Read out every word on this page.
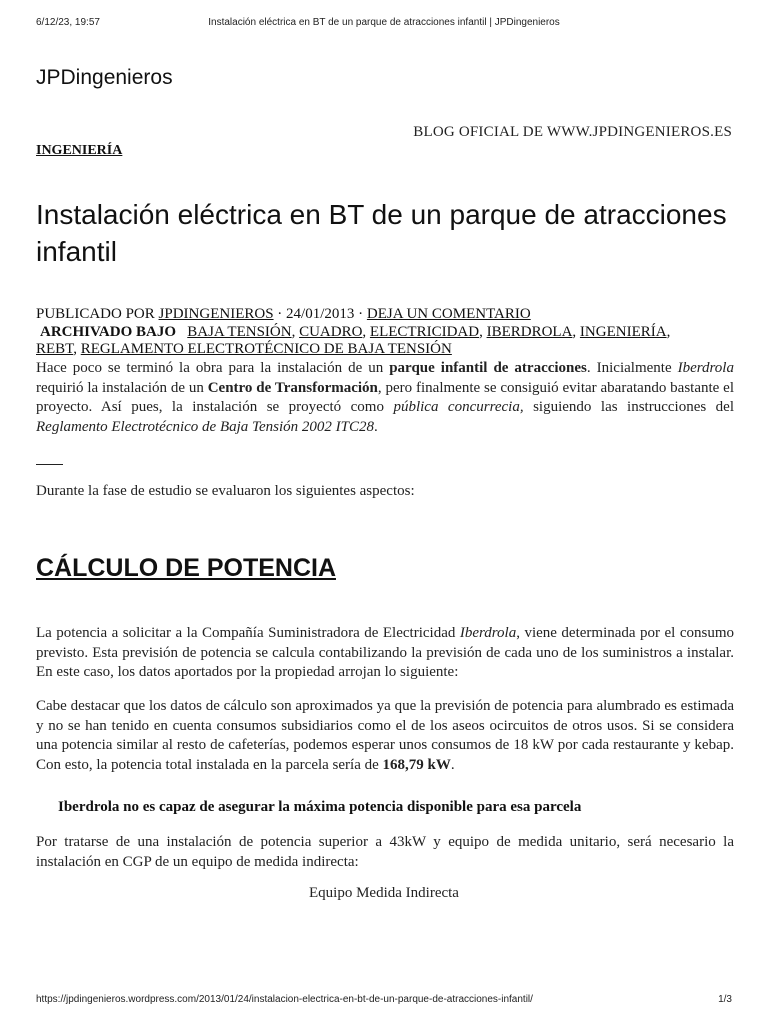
6/12/23, 19:57	Instalación eléctrica en BT de un parque de atracciones infantil | JPDingenieros
JPDingenieros
BLOG OFICIAL DE WWW.JPDINGENIEROS.ES
INGENIERÍA
Instalación eléctrica en BT de un parque de atracciones infantil
PUBLICADO POR JPDINGENIEROS · 24/01/2013 · DEJA UN COMENTARIO
ARCHIVADO BAJO BAJA TENSIÓN, CUADRO, ELECTRICIDAD, IBERDROLA, INGENIERÍA,
REBT, REGLAMENTO ELECTROTÉCNICO DE BAJA TENSIÓN

Hace poco se terminó la obra para la instalación de un parque infantil de atracciones. Inicialmente Iberdrola requirió la instalación de un Centro de Transformación, pero finalmente se consiguió evitar abaratando bastante el proyecto. Así pues, la instalación se proyectó como pública concurrecia, siguiendo las instrucciones del Reglamento Electrotécnico de Baja Tensión 2002 ITC28.

Durante la fase de estudio se evaluaron los siguientes aspectos:

CÁLCULO DE POTENCIA

La potencia a solicitar a la Compañía Suministradora de Electricidad Iberdrola, viene determinada por el consumo previsto. Esta previsión de potencia se calcula contabilizando la previsión de cada uno de los suministros a instalar. En este caso, los datos aportados por la propiedad arrojan lo siguiente:

Cabe destacar que los datos de cálculo son aproximados ya que la previsión de potencia para alumbrado es estimada y no se han tenido en cuenta consumos subsidiarios como el de los aseos ocircuitos de otros usos. Si se considera una potencia similar al resto de cafeterías, podemos esperar unos consumos de 18 kW por cada restaurante y kebap. Con esto, la potencia total instalada en la parcela sería de 168,79 kW.

Iberdrola no es capaz de asegurar la máxima potencia disponible para esa parcela

Por tratarse de una instalación de potencia superior a 43kW y equipo de medida unitario, será necesario la instalación en CGP de un equipo de medida indirecta:

Equipo Medida Indirecta
https://jpdingenieros.wordpress.com/2013/01/24/instalacion-electrica-en-bt-de-un-parque-de-atracciones-infantil/	1/3
